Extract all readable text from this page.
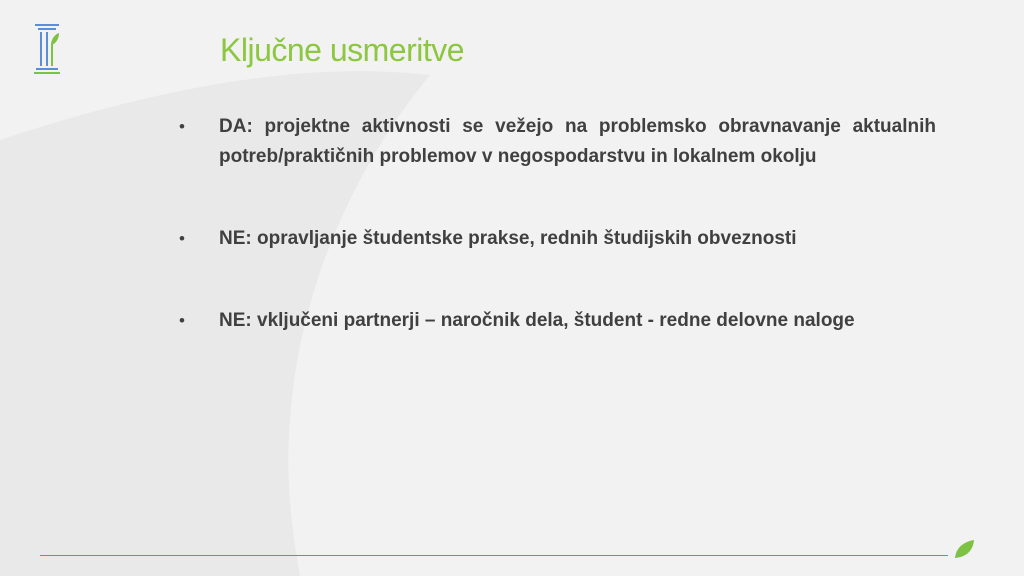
Ključne usmeritve
• DA: projektne aktivnosti se vežejo na problemsko obravnavanje aktualnih potreb/praktičnih problemov v negospodarstvu in lokalnem okolju
• NE: opravljanje študentske prakse, rednih študijskih obveznosti
• NE: vključeni partnerji – naročnik dela, študent - redne delovne naloge
